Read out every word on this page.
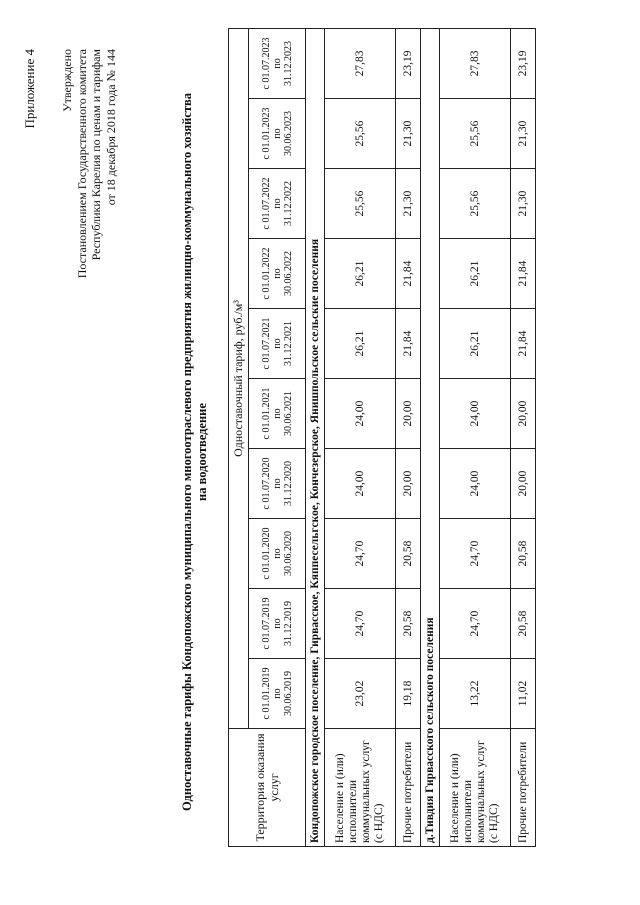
Приложение 4 Утверждено Постановлением Государственного комитета Республики Карелия по ценам и тарифам от 18 декабря 2018 года № 144	Одноставочные тарифы Кондопожского муниципального многоотраслевого предприятия жилищно-коммунального хозяйства на водоотведение
Территория оказания услуг	Одноставочный тариф, руб./м³									

	с 01.01.2019 по 30.06.2019	с 01.07.2019 по 31.12.2019	с 01.01.2020 по 30.06.2020	с 01.07.2020 по 31.12.2020	с 01.01.2021 по 30.06.2021	с 01.07.2021 по 31.12.2021	с 01.01.2022 по 30.06.2022	с 01.07.2022 по 31.12.2022	с 01.01.2023 по 30.06.2023	с 01.07.2023 по 31.12.2023

Кондопожское городское поселение, Гирвасское, Кяппесельгское, Кончезерское, Янишпольское сельские поселения										
Население и (или) исполнители коммунальных услуг (с НДС)	23,02	24,70	24,70	24,00	24,00	26,21	26,21	25,56	25,56	27,83
Прочие потребители	19,18	20,58	20,58	20,00	20,00	21,84	21,84	21,30	21,30	23,19
д.Тивдия Гирвасского сельского поселения										
Население и (или) исполнители коммунальных услуг (с НДС)	13,22	24,70	24,70	24,00	24,00	26,21	26,21	25,56	25,56	27,83
Прочие потребители	11,02	20,58	20,58	20,00	20,00	21,84	21,84	21,30	21,30	23,19
